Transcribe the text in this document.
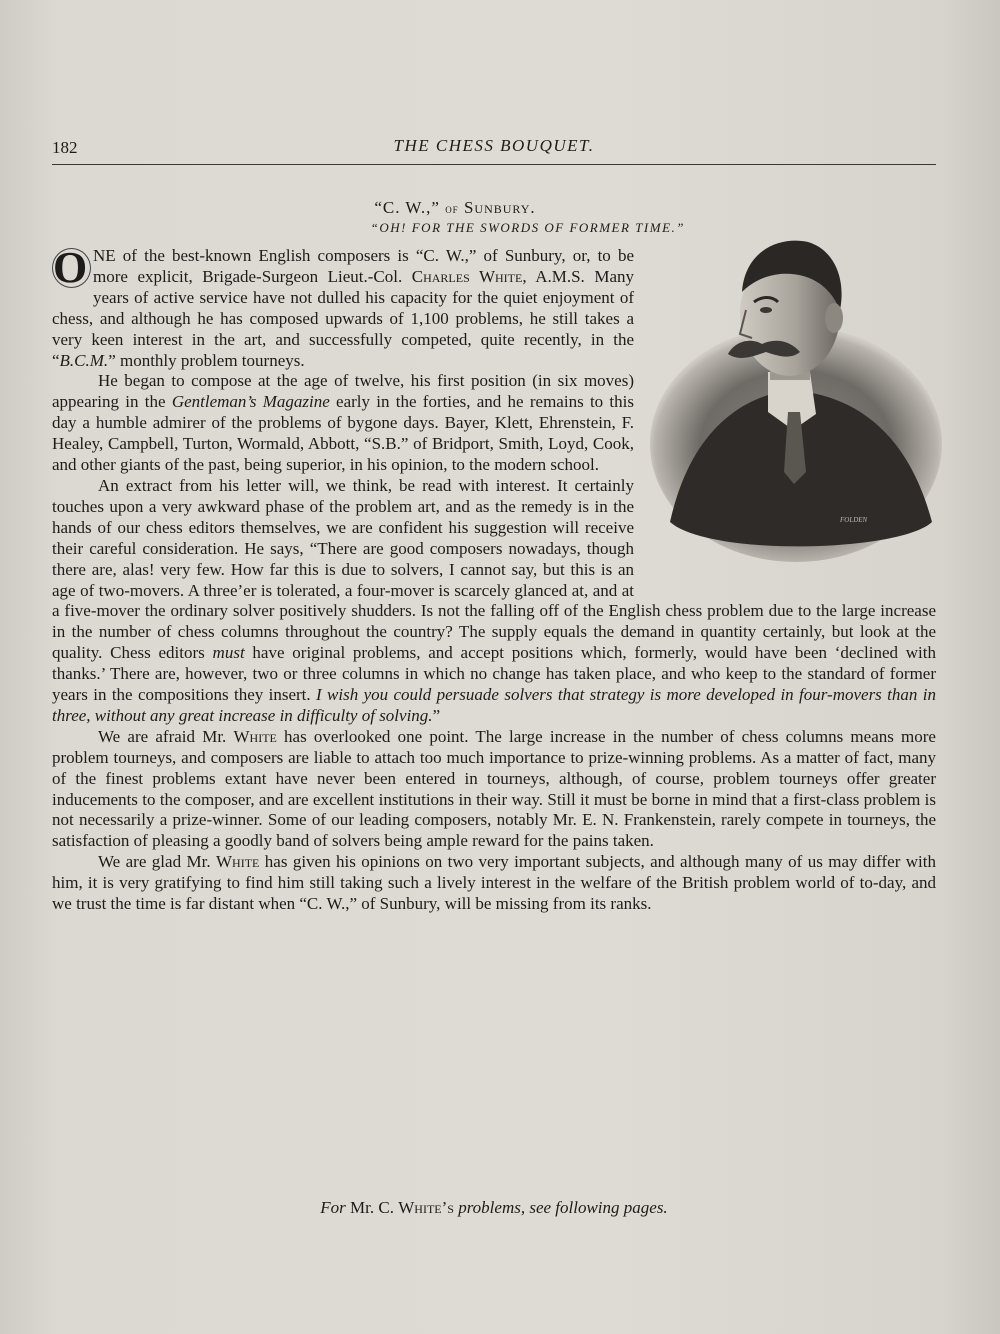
182	THE CHESS BOUQUET.
“C. W.,” of Sunbury.
“OH! FOR THE SWORDS OF FORMER TIME.”
FOLDEN

O NE of the best-known English composers is “C. W.,” of Sunbury, or, to be more explicit, Brigade-Surgeon Lieut.-Col. Charles White, A.M.S. Many years of active service have not dulled his capacity for the quiet enjoyment of chess, and although he has composed upwards of 1,100 problems, he still takes a very keen interest in the art, and successfully competed, quite recently, in the “B.C.M.” monthly problem tourneys.

He began to compose at the age of twelve, his first position (in six moves) appearing in the Gentleman’s Magazine early in the forties, and he remains to this day a humble admirer of the problems of bygone days. Bayer, Klett, Ehrenstein, F. Healey, Campbell, Turton, Wormald, Abbott, “S.B.” of Bridport, Smith, Loyd, Cook, and other giants of the past, being superior, in his opinion, to the modern school.

An extract from his letter will, we think, be read with interest. It certainly touches upon a very awkward phase of the problem art, and as the remedy is in the hands of our chess editors themselves, we are confident his suggestion will receive their careful consideration. He says, “There are good composers nowadays, though there are, alas! very few. How far this is due to solvers, I cannot say, but this is an age of two-movers. A three’er is tolerated, a four-mover is scarcely glanced at, and at a five-mover the ordinary solver positively shudders. Is not the falling off of the English chess problem due to the large increase in the number of chess columns throughout the country? The supply equals the demand in quantity certainly, but look at the quality. Chess editors must have original problems, and accept positions which, formerly, would have been ‘declined with thanks.’ There are, however, two or three columns in which no change has taken place, and who keep to the standard of former years in the compositions they insert. I wish you could persuade solvers that strategy is more developed in four-movers than in three, without any great increase in difficulty of solving.”

We are afraid Mr. White has overlooked one point. The large increase in the number of chess columns means more problem tourneys, and composers are liable to attach too much importance to prize-winning problems. As a matter of fact, many of the finest problems extant have never been entered in tourneys, although, of course, problem tourneys offer greater inducements to the composer, and are excellent institutions in their way. Still it must be borne in mind that a first-class problem is not necessarily a prize-winner. Some of our leading composers, notably Mr. E. N. Frankenstein, rarely compete in tourneys, the satisfaction of pleasing a goodly band of solvers being ample reward for the pains taken.

We are glad Mr. White has given his opinions on two very important subjects, and although many of us may differ with him, it is very gratifying to find him still taking such a lively interest in the welfare of the British problem world of to-day, and we trust the time is far distant when “C. W.,” of Sunbury, will be missing from its ranks.

For Mr. C. White’s problems, see following pages.
